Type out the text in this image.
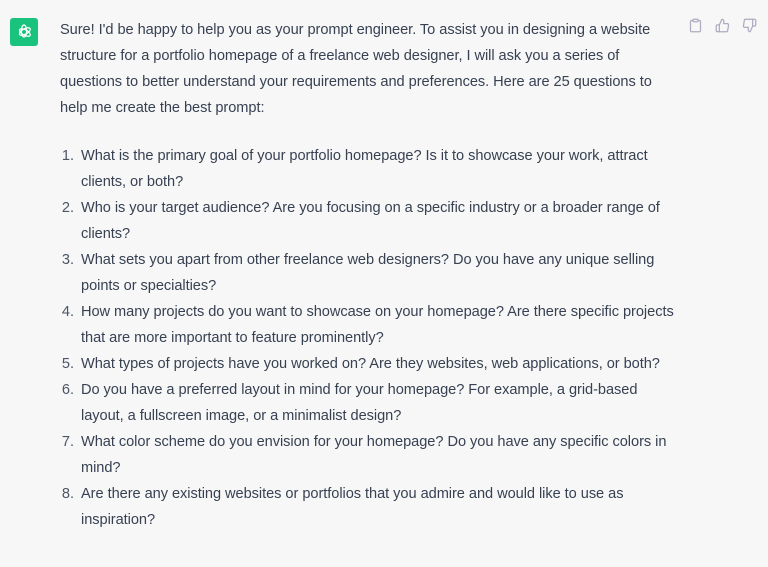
Sure! I'd be happy to help you as your prompt engineer. To assist you in designing a website structure for a portfolio homepage of a freelance web designer, I will ask you a series of questions to better understand your requirements and preferences. Here are 25 questions to help me create the best prompt:

1 . What is the primary goal of your portfolio homepage? Is it to showcase your work, attract clients, or both?
2 . Who is your target audience? Are you focusing on a specific industry or a broader range of clients?
3 . What sets you apart from other freelance web designers? Do you have any unique selling points or specialties?
4 . How many projects do you want to showcase on your homepage? Are there specific projects that are more important to feature prominently?
5 . What types of projects have you worked on? Are they websites, web applications, or both?
6 . Do you have a preferred layout in mind for your homepage? For example, a grid-based layout, a fullscreen image, or a minimalist design?
7 . What color scheme do you envision for your homepage? Do you have any specific colors in mind?
8 . Are there any existing websites or portfolios that you admire and would like to use as inspiration?
